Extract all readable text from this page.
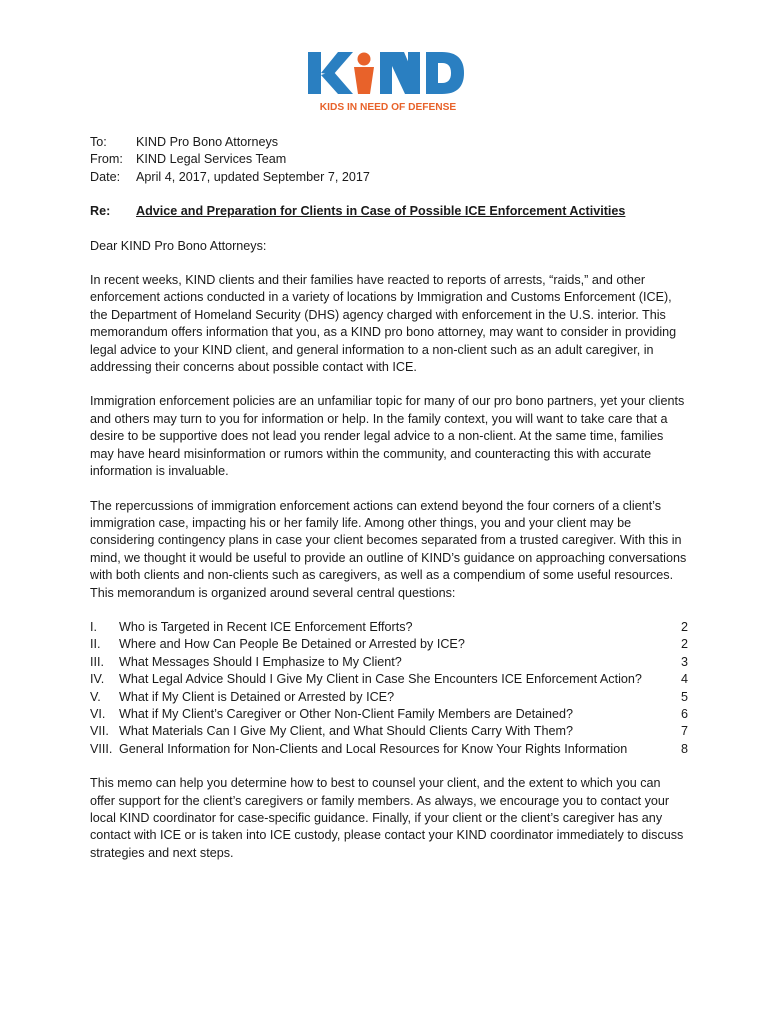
KIDS IN NEED OF DEFENSE
To:	KIND Pro Bono Attorneys
From:	KIND Legal Services Team
Date:	April 4, 2017, updated September 7, 2017
Re:	Advice and Preparation for Clients in Case of Possible ICE Enforcement Activities

Dear KIND Pro Bono Attorneys:

In recent weeks, KIND clients and their families have reacted to reports of arrests, “raids,” and other enforcement actions conducted in a variety of locations by Immigration and Customs Enforcement (ICE), the Department of Homeland Security (DHS) agency charged with enforcement in the U.S. interior. This memorandum offers information that you, as a KIND pro bono attorney, may want to consider in providing legal advice to your KIND client, and general information to a non-client such as an adult caregiver, in addressing their concerns about possible contact with ICE.

Immigration enforcement policies are an unfamiliar topic for many of our pro bono partners, yet your clients and others may turn to you for information or help. In the family context, you will want to take care that a desire to be supportive does not lead you render legal advice to a non-client. At the same time, families may have heard misinformation or rumors within the community, and counteracting this with accurate information is invaluable.

The repercussions of immigration enforcement actions can extend beyond the four corners of a client’s immigration case, impacting his or her family life. Among other things, you and your client may be considering contingency plans in case your client becomes separated from a trusted caregiver. With this in mind, we thought it would be useful to provide an outline of KIND’s guidance on approaching conversations with both clients and non-clients such as caregivers, as well as a compendium of some useful resources. This memorandum is organized around several central questions:

I.	Who is Targeted in Recent ICE Enforcement Efforts?	2
II.	Where and How Can People Be Detained or Arrested by ICE?	2
III.	What Messages Should I Emphasize to My Client?	3
IV.	What Legal Advice Should I Give My Client in Case She Encounters ICE Enforcement Action?	4
V.	What if My Client is Detained or Arrested by ICE?	5
VI.	What if My Client’s Caregiver or Other Non-Client Family Members are Detained?	6
VII. What Materials Can I Give My Client, and What Should Clients Carry With Them?	7
VIII. General Information for Non-Clients and Local Resources for Know Your Rights Information	8

This memo can help you determine how to best to counsel your client, and the extent to which you can offer support for the client’s caregivers or family members. As always, we encourage you to contact your local KIND coordinator for case-specific guidance. Finally, if your client or the client’s caregiver has any contact with ICE or is taken into ICE custody, please contact your KIND coordinator immediately to discuss strategies and next steps.
